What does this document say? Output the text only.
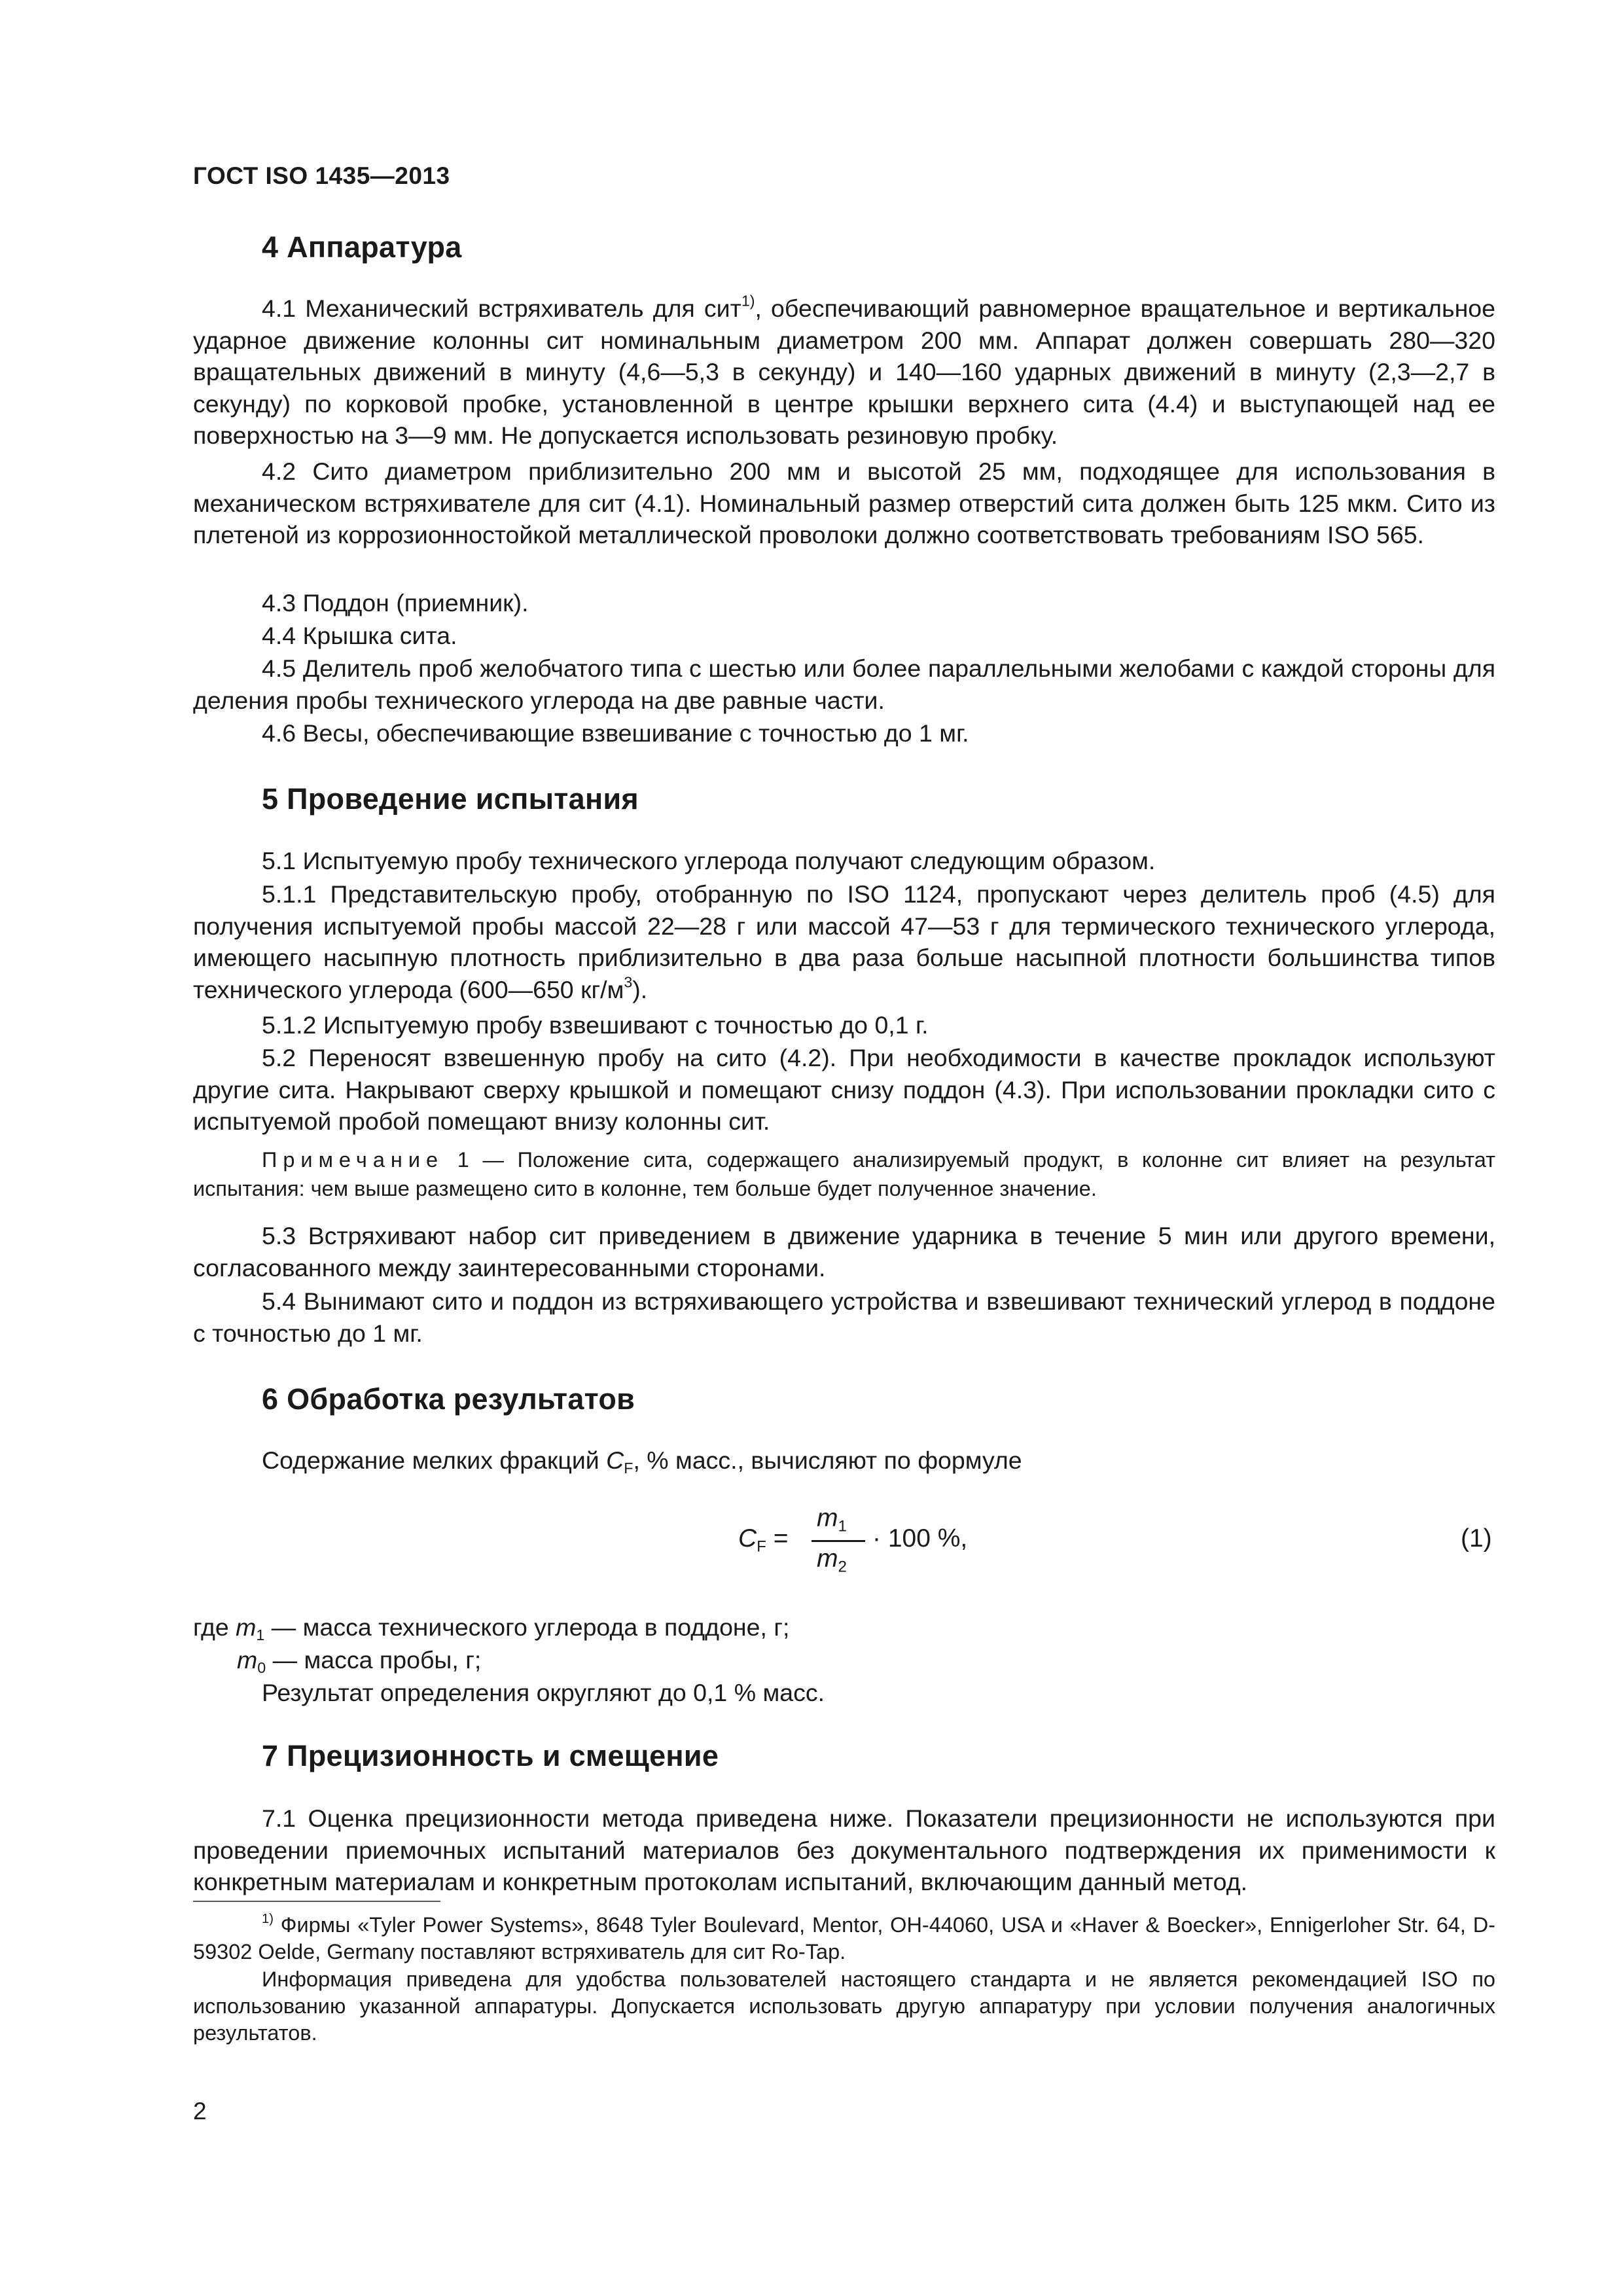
ГОСТ ISO 1435—2013
4 Аппаратура

4.1 Механический встряхиватель для сит$^{1)}$, обеспечивающий равномерное вращательное и вертикальное ударное движение колонны сит номинальным диаметром 200 мм. Аппарат должен совершать 280—320 вращательных движений в минуту (4,6—5,3 в секунду) и 140—160 ударных движений в минуту (2,3—2,7 в секунду) по корковой пробке, установленной в центре крышки верхнего сита (4.4) и выступающей над ее поверхностью на 3—9 мм. Не допускается использовать резиновую пробку.

4.2 Сито диаметром приблизительно 200 мм и высотой 25 мм, подходящее для использования в механическом встряхивателе для сит (4.1). Номинальный размер отверстий сита должен быть 125 мкм. Сито из плетеной из коррозионностойкой металлической проволоки должно соответствовать требованиям ISO 565.

4.3 Поддон (приемник).

4.4 Крышка сита.

4.5 Делитель проб желобчатого типа с шестью или более параллельными желобами с каждой стороны для деления пробы технического углерода на две равные части.

4.6 Весы, обеспечивающие взвешивание с точностью до 1 мг.

5 Проведение испытания

5.1 Испытуемую пробу технического углерода получают следующим образом.

5.1.1 Представительскую пробу, отобранную по ISO 1124, пропускают через делитель проб (4.5) для получения испытуемой пробы массой 22—28 г или массой 47—53 г для термического технического углерода, имеющего насыпную плотность приблизительно в два раза больше насыпной плотности большинства типов технического углерода (600—650 $кг/м^3$).

5.1.2 Испытуемую пробу взвешивают с точностью до 0,1 г.

5.2 Переносят взвешенную пробу на сито (4.2). При необходимости в качестве прокладок используют другие сита. Накрывают сверху крышкой и помещают снизу поддон (4.3). При использовании прокладки сито с испытуемой пробой помещают внизу колонны сит.

Примечание 1 — Положение сита, содержащего анализируемый продукт, в колонне сит влияет на результат испытания: чем выше размещено сито в колонне, тем больше будет полученное значение.

5.3 Встряхивают набор сит приведением в движение ударника в течение 5 мин или другого времени, согласованного между заинтересованными сторонами.

5.4 Вынимают сито и поддон из встряхивающего устройства и взвешивают технический углерод в поддоне с точностью до 1 мг.

6 Обработка результатов

Содержание мелких фракций $C_F$, % масс., вычисляют по формуле

$C_F$ =
$m_1$
$m_2$
· 100 %,	(1)

где $m_1$ — масса технического углерода в поддоне, г;

$m_0$ — масса пробы, г;

Результат определения округляют до 0,1 % масс.

7 Прецизионность и смещение

7.1 Оценка прецизионности метода приведена ниже. Показатели прецизионности не используются при проведении приемочных испытаний материалов без документального подтверждения их применимости к конкретным материалам и конкретным протоколам испытаний, включающим данный метод.

$^{1)}$ Фирмы «Tyler Power Systems», 8648 Tyler Boulevard, Mentor, OH-44060, USA и «Haver & Boecker», Ennigerloher Str. 64, D-59302 Oelde, Germany поставляют встряхиватель для сит Ro-Tap.

Информация приведена для удобства пользователей настоящего стандарта и не является рекомендацией ISO по использованию указанной аппаратуры. Допускается использовать другую аппаратуру при условии получения аналогичных результатов.

2
